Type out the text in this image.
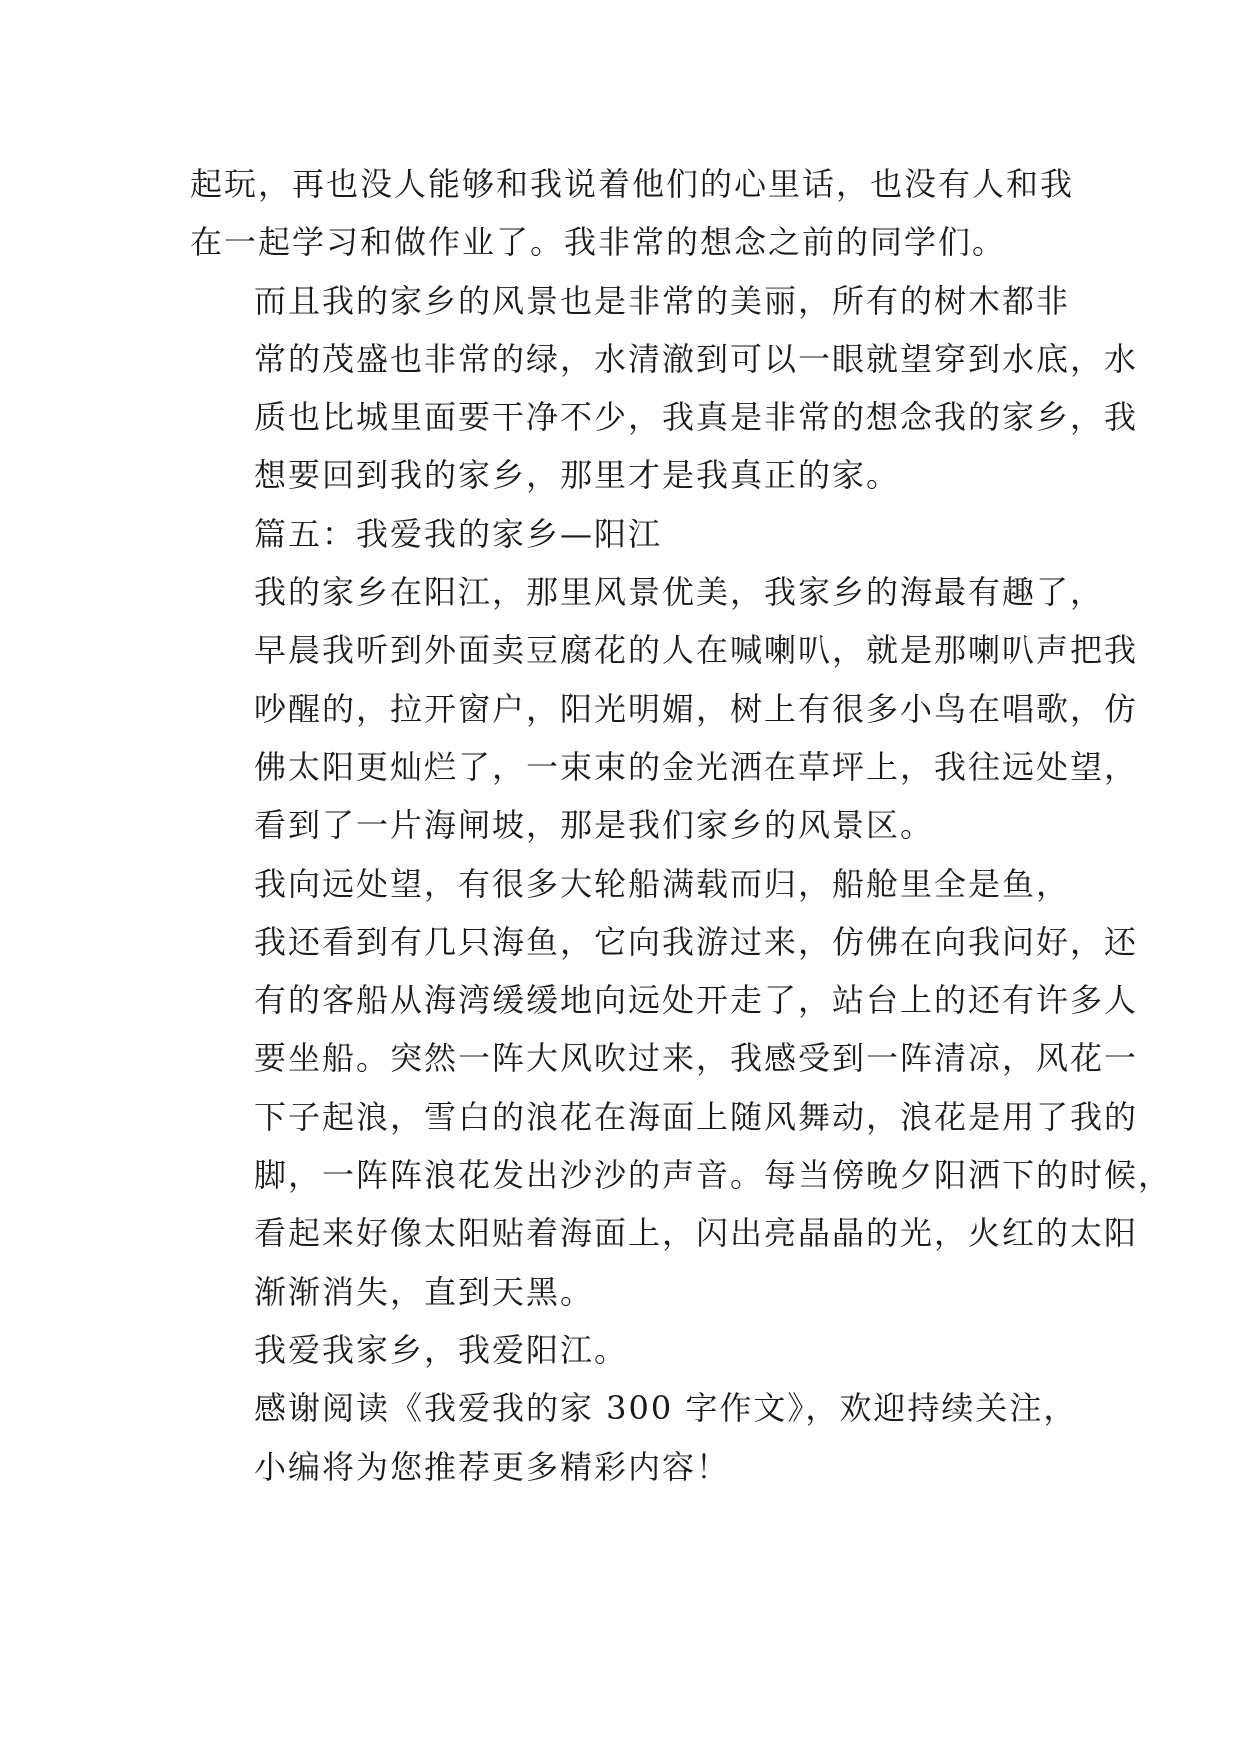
起玩，再也没人能够和我说着他们的心里话，也没有人和我
在一起学习和做作业了。我非常的想念之前的同学们。

而且我的家乡的风景也是非常的美丽，所有的树木都非
常的茂盛也非常的绿，水清澈到可以一眼就望穿到水底，水
质也比城里面要干净不少，我真是非常的想念我的家乡，我
想要回到我的家乡，那里才是我真正的家。

篇五：我爱我的家乡—阳江

我的家乡在阳江，那里风景优美，我家乡的海最有趣了，
早晨我听到外面卖豆腐花的人在喊喇叭，就是那喇叭声把我
吵醒的，拉开窗户，阳光明媚，树上有很多小鸟在唱歌，仿
佛太阳更灿烂了，一束束的金光洒在草坪上，我往远处望，
看到了一片海闸坡，那是我们家乡的风景区。

我向远处望，有很多大轮船满载而归，船舱里全是鱼，
我还看到有几只海鱼，它向我游过来，仿佛在向我问好，还
有的客船从海湾缓缓地向远处开走了，站台上的还有许多人
要坐船。突然一阵大风吹过来，我感受到一阵清凉，风花一
下子起浪，雪白的浪花在海面上随风舞动，浪花是用了我的
脚，一阵阵浪花发出沙沙的声音。每当傍晚夕阳洒下的时候，
看起来好像太阳贴着海面上，闪出亮晶晶的光，火红的太阳
渐渐消失，直到天黑。

我爱我家乡，我爱阳江。

感谢阅读《我爱我的家 300 字作文》，欢迎持续关注，
小编将为您推荐更多精彩内容！
